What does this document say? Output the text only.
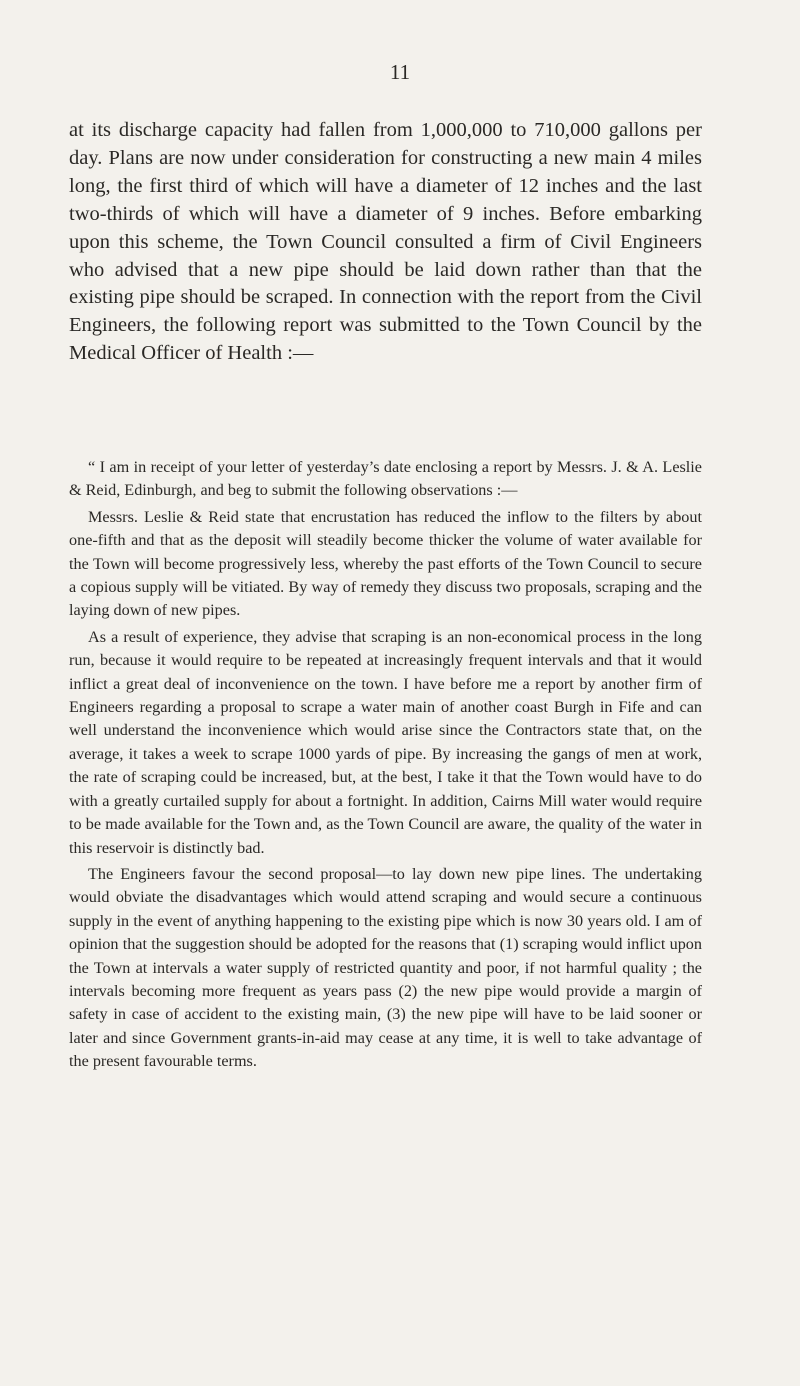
11

at its discharge capacity had fallen from 1,000,000 to 710,000 gallons per day. Plans are now under consideration for constructing a new main 4 miles long, the first third of which will have a diameter of 12 inches and the last two-thirds of which will have a diameter of 9 inches. Before embarking upon this scheme, the Town Council consulted a firm of Civil Engineers who advised that a new pipe should be laid down rather than that the existing pipe should be scraped. In connection with the report from the Civil Engineers, the following report was submitted to the Town Council by the Medical Officer of Health :—

“ I am in receipt of your letter of yesterday’s date enclosing a report by Messrs. J. & A. Leslie & Reid, Edinburgh, and beg to submit the following observations :—

Messrs. Leslie & Reid state that encrustation has reduced the inflow to the filters by about one-fifth and that as the deposit will steadily become thicker the volume of water available for the Town will become progressively less, whereby the past efforts of the Town Council to secure a copious supply will be vitiated. By way of remedy they discuss two proposals, scraping and the laying down of new pipes.

As a result of experience, they advise that scraping is an non-economical process in the long run, because it would require to be repeated at increasingly frequent intervals and that it would inflict a great deal of inconvenience on the town. I have before me a report by another firm of Engineers regarding a proposal to scrape a water main of another coast Burgh in Fife and can well understand the inconvenience which would arise since the Contractors state that, on the average, it takes a week to scrape 1000 yards of pipe. By increasing the gangs of men at work, the rate of scraping could be increased, but, at the best, I take it that the Town would have to do with a greatly curtailed supply for about a fortnight. In addition, Cairns Mill water would require to be made available for the Town and, as the Town Council are aware, the quality of the water in this reservoir is distinctly bad.

The Engineers favour the second proposal—to lay down new pipe lines. The undertaking would obviate the disadvantages which would attend scraping and would secure a continuous supply in the event of anything happening to the existing pipe which is now 30 years old. I am of opinion that the suggestion should be adopted for the reasons that (1) scraping would inflict upon the Town at intervals a water supply of restricted quantity and poor, if not harmful quality ; the intervals becoming more frequent as years pass (2) the new pipe would provide a margin of safety in case of accident to the existing main, (3) the new pipe will have to be laid sooner or later and since Government grants-in-aid may cease at any time, it is well to take advantage of the present favourable terms.
